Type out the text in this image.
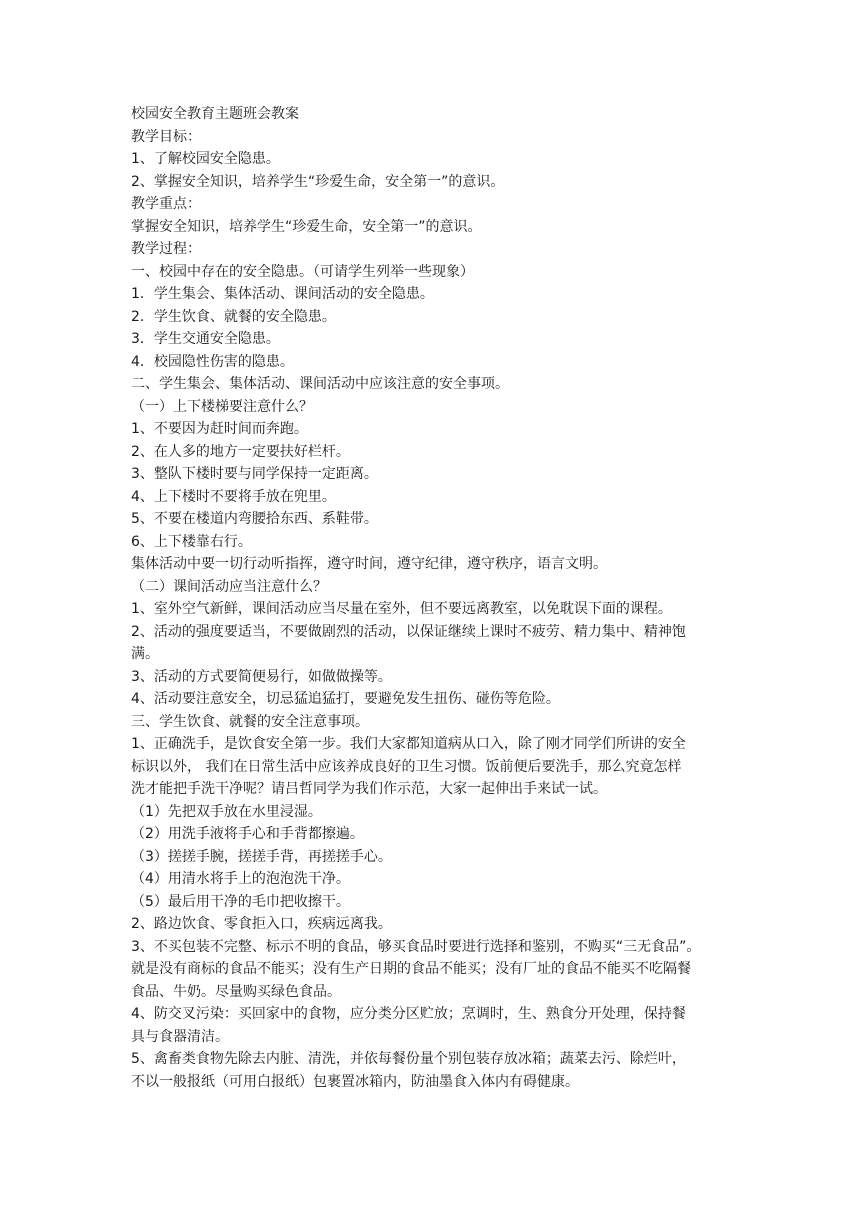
校园安全教育主题班会教案
教学目标：
1、了解校园安全隐患。
2、掌握安全知识，培养学生“珍爱生命，安全第一”的意识。
教学重点：
掌握安全知识，培养学生“珍爱生命，安全第一”的意识。
教学过程：
一、校园中存在的安全隐患。（可请学生列举一些现象）
1．学生集会、集体活动、课间活动的安全隐患。
2．学生饮食、就餐的安全隐患。
3．学生交通安全隐患。
4．校园隐性伤害的隐患。
二、学生集会、集体活动、课间活动中应该注意的安全事项。
（一）上下楼梯要注意什么？
1、不要因为赶时间而奔跑。
2、在人多的地方一定要扶好栏杆。
3、整队下楼时要与同学保持一定距离。
4、上下楼时不要将手放在兜里。
5、不要在楼道内弯腰拾东西、系鞋带。
6、上下楼靠右行。
集体活动中要一切行动听指挥，遵守时间，遵守纪律，遵守秩序，语言文明。
（二）课间活动应当注意什么？
1、室外空气新鲜，课间活动应当尽量在室外，但不要远离教室，以免耽误下面的课程。
2、活动的强度要适当，不要做剧烈的活动，以保证继续上课时不疲劳、精力集中、精神饱
满。
3、活动的方式要简便易行，如做做操等。
4、活动要注意安全，切忌猛追猛打，要避免发生扭伤、碰伤等危险。
三、学生饮食、就餐的安全注意事项。
1、正确洗手，是饮食安全第一步。我们大家都知道病从口入，除了刚才同学们所讲的安全
标识以外， 我们在日常生活中应该养成良好的卫生习惯。饭前便后要洗手，那么究竟怎样
洗才能把手洗干净呢？请吕哲同学为我们作示范，大家一起伸出手来试一试。
（1）先把双手放在水里浸湿。
（2）用洗手液将手心和手背都擦遍。
（3）搓搓手腕，搓搓手背，再搓搓手心。
（4）用清水将手上的泡泡洗干净。
（5）最后用干净的毛巾把收擦干。
2、路边饮食、零食拒入口，疾病远离我。
3、不买包装不完整、标示不明的食品，够买食品时要进行选择和鉴别，不购买“三无食品”。
就是没有商标的食品不能买；没有生产日期的食品不能买；没有厂址的食品不能买不吃隔餐
食品、牛奶。尽量购买绿色食品。
4、防交叉污染：买回家中的食物，应分类分区贮放；烹调时，生、熟食分开处理，保持餐
具与食器清洁。
5、禽畜类食物先除去内脏、清洗，并依每餐份量个别包装存放冰箱；蔬菜去污、除烂叶，
不以一般报纸（可用白报纸）包裹置冰箱内，防油墨食入体内有碍健康。
